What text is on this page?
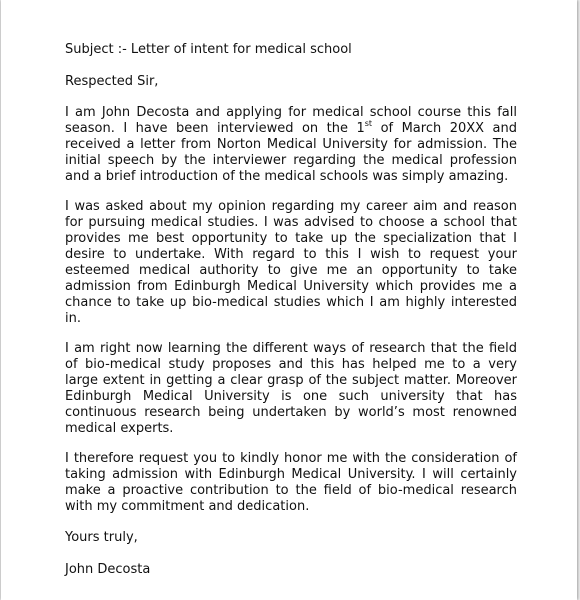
Subject :- Letter of intent for medical school

Respected Sir,

I am John Decosta and applying for medical school course this fall season. I have been interviewed on the 1st of March 20XX and received a letter from Norton Medical University for admission. The initial speech by the interviewer regarding the medical profession and a brief introduction of the medical schools was simply amazing.

I was asked about my opinion regarding my career aim and reason for pursuing medical studies. I was advised to choose a school that provides me best opportunity to take up the specialization that I desire to undertake. With regard to this I wish to request your esteemed medical authority to give me an opportunity to take admission from Edinburgh Medical University which provides me a chance to take up bio-medical studies which I am highly interested in.

I am right now learning the different ways of research that the field of bio-medical study proposes and this has helped me to a very large extent in getting a clear grasp of the subject matter. Moreover Edinburgh Medical University is one such university that has continuous research being undertaken by world’s most renowned medical experts.

I therefore request you to kindly honor me with the consideration of taking admission with Edinburgh Medical University. I will certainly make a proactive contribution to the field of bio-medical research with my commitment and dedication.

Yours truly,

John Decosta
